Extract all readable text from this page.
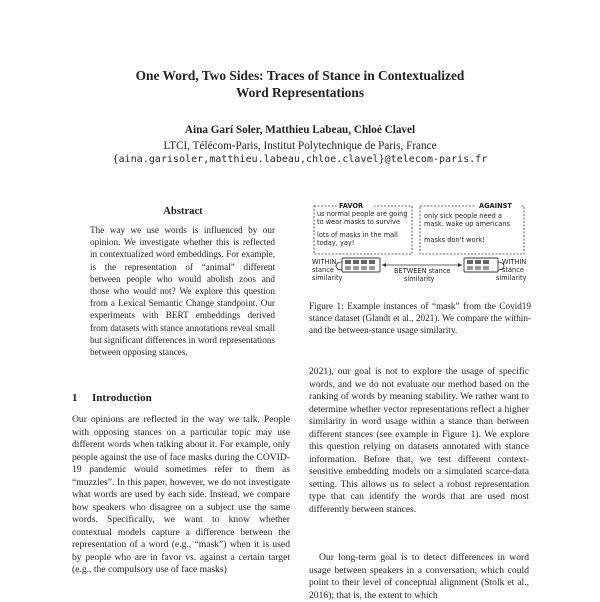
One Word, Two Sides: Traces of Stance in Contextualized
Word Representations
Aina Garí Soler, Matthieu Labeau, Chloé Clavel
LTCI, Télécom-Paris, Institut Polytechnique de Paris, France
{aina.garisoler,matthieu.labeau,chloe.clavel}@telecom-paris.fr
Abstract

The way we use words is influenced by our opinion. We investigate whether this is reflected in contextualized word embeddings. For example, is the representation of “animal” different between people who would abolish zoos and those who would not? We explore this question from a Lexical Semantic Change standpoint. Our experiments with BERT embeddings derived from datasets with stance annotations reveal small but significant differences in word representations between opposing stances.

1 Introduction

Our opinions are reflected in the way we talk. People with opposing stances on a particular topic may use different words when talking about it. For example, only people against the use of face masks during the COVID-19 pandemic would sometimes refer to them as “muzzles”. In this paper, however, we do not investigate what words are used by each side. Instead, we compare how speakers who disagree on a subject use the same words. Specifically, we want to know whether contextual models capture a difference between the representation of a word (e.g., “mask”) when it is used by people who are in favor vs. against a certain target (e.g., the compulsory use of face masks)

FAVOR
us normal people are going
to wear masks to survive
lots of masks in the mall
today, yay!
AGAINST
only sick people need a
mask. wake up americans
masks don't work!
WITHIN
stance
similarity
BETWEEN stance
similarity
WITHIN
stance
similarity

Figure 1: Example instances of “mask” from the Covid19 stance dataset (Glandt et al., 2021). We compare the within- and the between-stance usage similarity.

2021), our goal is not to explore the usage of specific words, and we do not evaluate our method based on the ranking of words by meaning stability. We rather want to determine whether vector representations reflect a higher similarity in word usage within a stance than between different stances (see example in Figure 1). We explore this question relying on datasets annotated with stance information. Before that, we test different context-sensitive embedding models on a simulated scarce-data setting. This allows us to select a robust representation type that can identify the words that are used most differently between stances.

Our long-term goal is to detect differences in word usage between speakers in a conversation, which could point to their level of conceptual alignment (Stolk et al., 2016); that is, the extent to which
